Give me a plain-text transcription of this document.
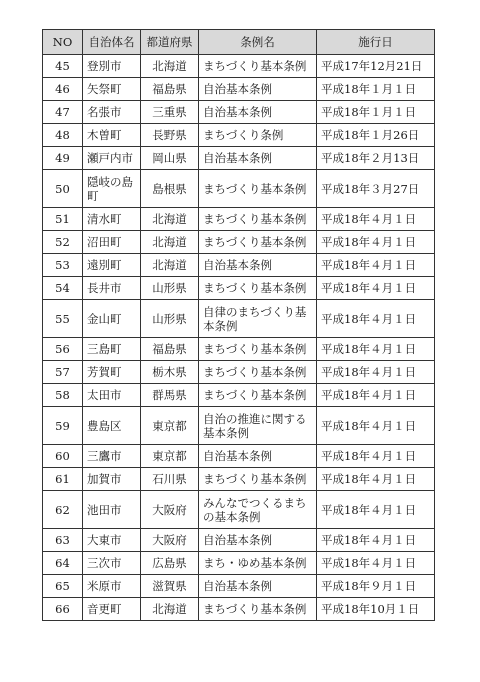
NO	自治体名	都道府県	条例名	施行日
45	登別市	北海道	まちづくり基本条例	平成17年12月21日
46	矢祭町	福島県	自治基本条例	平成18年１月１日
47	名張市	三重県	自治基本条例	平成18年１月１日
48	木曽町	長野県	まちづくり条例	平成18年１月26日
49	瀬戸内市	岡山県	自治基本条例	平成18年２月13日
50	隠岐の島町	島根県	まちづくり基本条例	平成18年３月27日
51	清水町	北海道	まちづくり基本条例	平成18年４月１日
52	沼田町	北海道	まちづくり基本条例	平成18年４月１日
53	遠別町	北海道	自治基本条例	平成18年４月１日
54	長井市	山形県	まちづくり基本条例	平成18年４月１日
55	金山町	山形県	自律のまちづくり基本条例	平成18年４月１日
56	三島町	福島県	まちづくり基本条例	平成18年４月１日
57	芳賀町	栃木県	まちづくり基本条例	平成18年４月１日
58	太田市	群馬県	まちづくり基本条例	平成18年４月１日
59	豊島区	東京都	自治の推進に関する基本条例	平成18年４月１日
60	三鷹市	東京都	自治基本条例	平成18年４月１日
61	加賀市	石川県	まちづくり基本条例	平成18年４月１日
62	池田市	大阪府	みんなでつくるまちの基本条例	平成18年４月１日
63	大東市	大阪府	自治基本条例	平成18年４月１日
64	三次市	広島県	まち・ゆめ基本条例	平成18年４月１日
65	米原市	滋賀県	自治基本条例	平成18年９月１日
66	音更町	北海道	まちづくり基本条例	平成18年10月１日
